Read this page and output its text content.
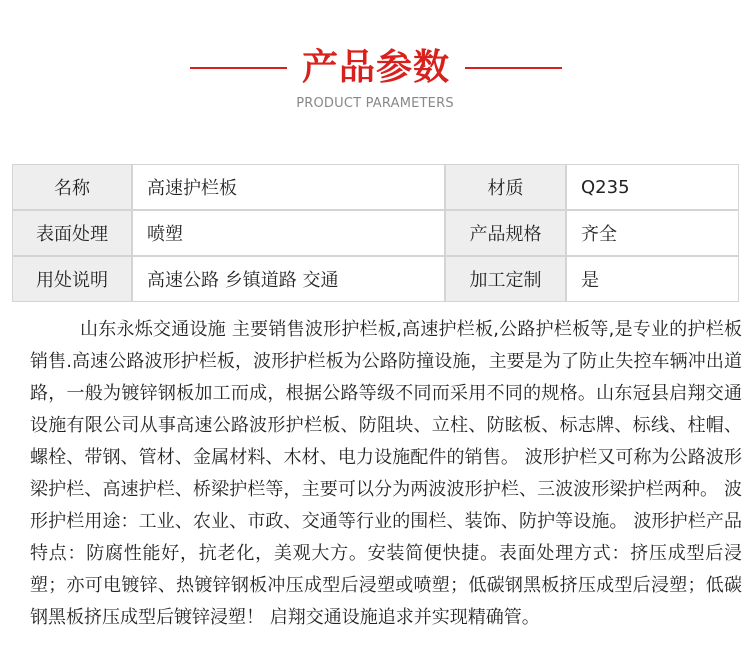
产品参数
PRODUCT PARAMETERS
名称	高速护栏板	材质	Q235
表面处理	喷塑	产品规格	齐全
用处说明	高速公路 乡镇道路 交通	加工定制	是

山东永烁交通设施 主要销售波形护栏板,高速护栏板,公路护栏板等,是专业的护栏板销售.高速公路波形护栏板，波形护栏板为公路防撞设施，主要是为了防止失控车辆冲出道路，一般为镀锌钢板加工而成，根据公路等级不同而采用不同的规格。山东冠县启翔交通设施有限公司从事高速公路波形护栏板、防阻块、立柱、防眩板、标志牌、标线、柱帽、螺栓、带钢、管材、金属材料、木材、电力设施配件的销售。 波形护栏又可称为公路波形梁护栏、高速护栏、桥梁护栏等，主要可以分为两波波形护栏、三波波形梁护栏两种。 波形护栏用途：工业、农业、市政、交通等行业的围栏、装饰、防护等设施。 波形护栏产品特点：防腐性能好，抗老化，美观大方。安装简便快捷。表面处理方式：挤压成型后浸塑；亦可电镀锌、热镀锌钢板冲压成型后浸塑或喷塑；低碳钢黑板挤压成型后浸塑；低碳钢黑板挤压成型后镀锌浸塑！ 启翔交通设施追求并实现精确管。
